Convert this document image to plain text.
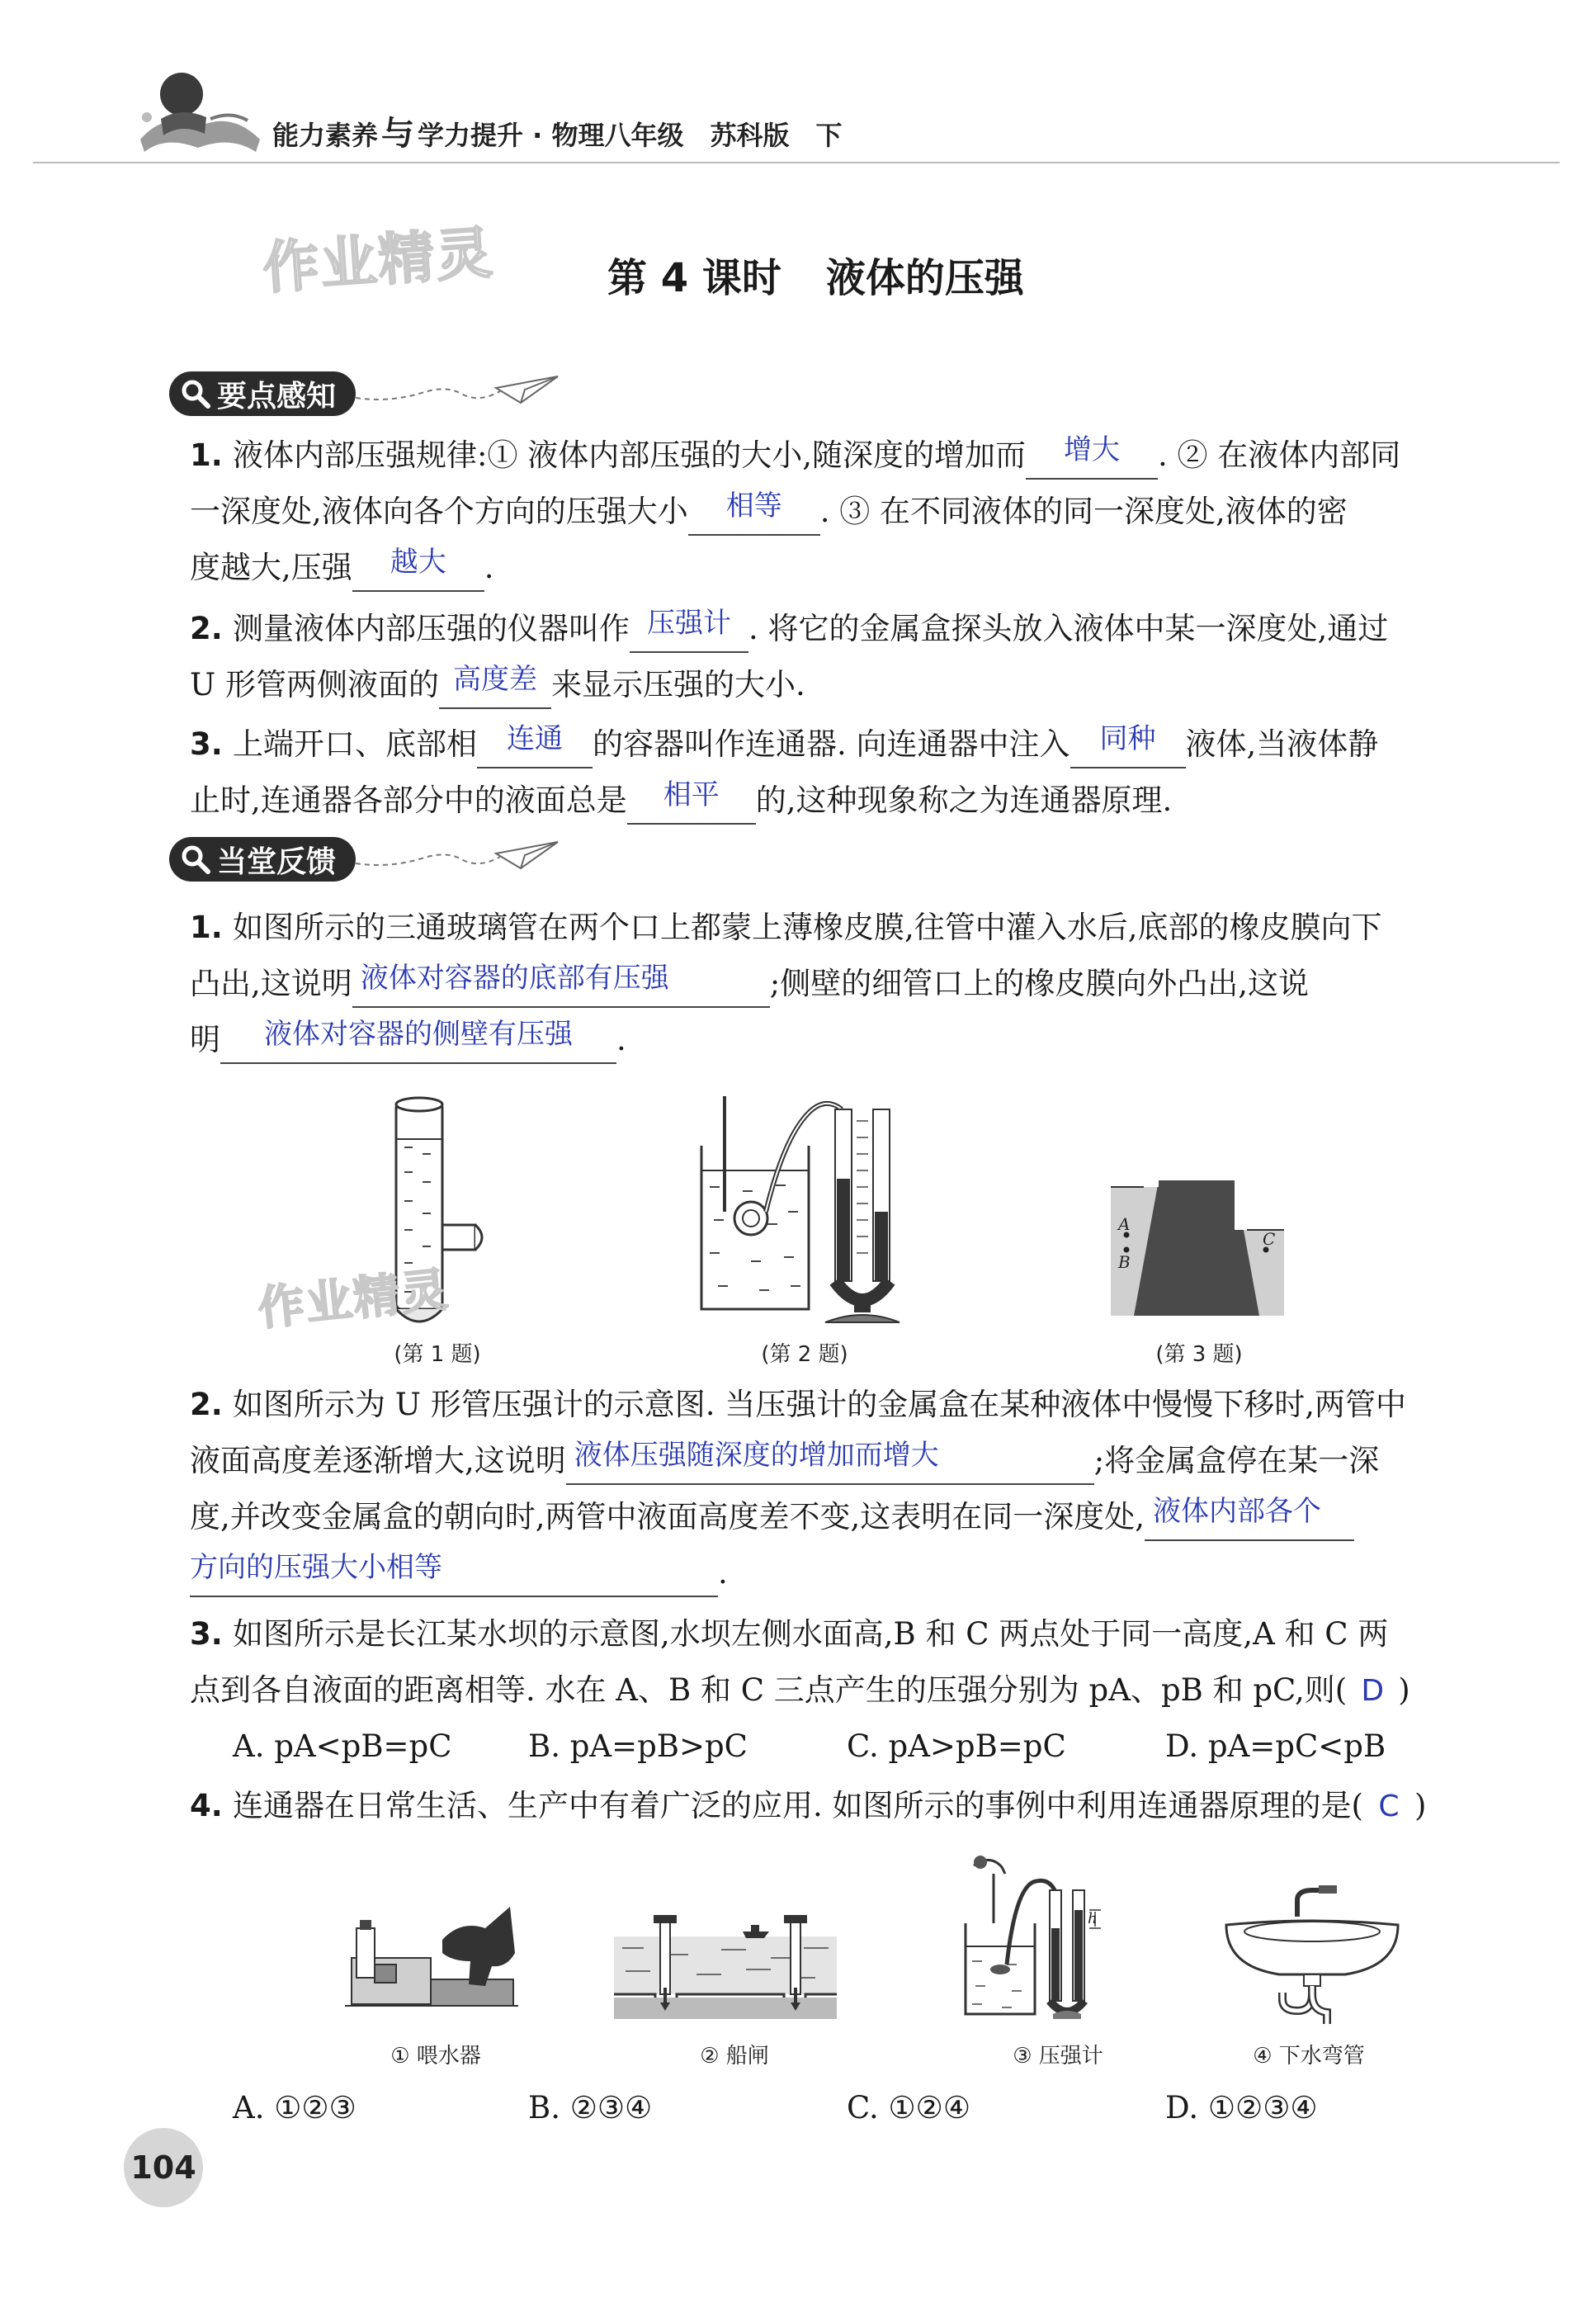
能力素养 与 学力提升 · 物理八年级　苏科版　下
作业精灵	第 4 课时 液体的压强
要点感知
1. 液体内部压强规律:① 液体内部压强的大小,随深度的增加而 增大 . ② 在液体内部同
一深度处,液体向各个方向的压强大小 相等 . ③ 在不同液体的同一深度处,液体的密
度越大,压强 越大 .
2. 测量液体内部压强的仪器叫作 压强计 . 将它的金属盒探头放入液体中某一深度处,通过
U 形管两侧液面的 高度差 来显示压强的大小.
3. 上端开口、底部相 连通 的容器叫作连通器. 向连通器中注入 同种 液体,当液体静
止时,连通器各部分中的液面总是 相平 的,这种现象称之为连通器原理.
当堂反馈
1. 如图所示的三通玻璃管在两个口上都蒙上薄橡皮膜,往管中灌入水后,底部的橡皮膜向下
凸出,这说明 液体对容器的底部有压强	;侧壁的细管口上的橡皮膜向外凸出,这说
明 液体对容器的侧壁有压强 .
作业精灵
(第 1 题)	(第 2 题)
A
B
C
(第 3 题)
2. 如图所示为 U 形管压强计的示意图. 当压强计的金属盒在某种液体中慢慢下移时,两管中
液面高度差逐渐增大,这说明 液体压强随深度的增加而增大	;将金属盒停在某一深
度,并改变金属盒的朝向时,两管中液面高度差不变,这表明在同一深度处, 液体内部各个
方向的压强大小相等	.
3. 如图所示是长江某水坝的示意图,水坝左侧水面高,B 和 C 两点处于同一高度,A 和 C 两
点到各自液面的距离相等. 水在 A、B 和 C 三点产生的压强分别为 pA、pB 和 pC,则( D )
A. pA<pB=pC B. pA=pB>pC	C. pA>pB=pC	D. pA=pC<pB
4. 连通器在日常生活、生产中有着广泛的应用. 如图所示的事例中利用连通器原理的是( C )
① 喂水器	② 船闸
h
③ 压强计	④ 下水弯管
A. ①②③	B. ②③④	C. ①②④	D. ①②③④
104
